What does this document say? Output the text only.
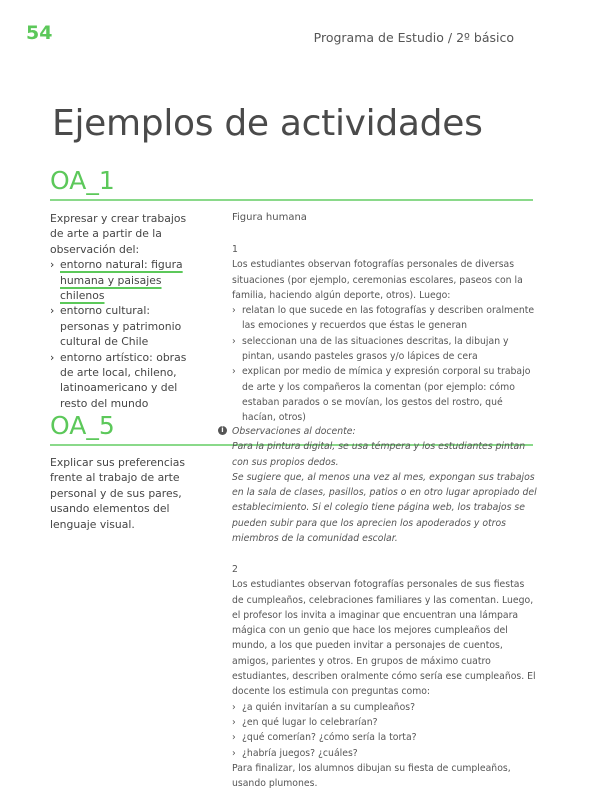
54	Programa de Estudio / 2º básico
Ejemplos de actividades
OA_1
Expresar y crear trabajos de arte a partir de la observación del:
› entorno natural: figura humana y paisajes chilenos
› entorno cultural: personas y patrimonio cultural de Chile
› entorno artístico: obras de arte local, chileno, latinoamericano y del resto del mundo
OA_5
Explicar sus preferencias frente al trabajo de arte personal y de sus pares, usando elementos del lenguaje visual.
Figura humana

1

Los estudiantes observan fotografías personales de diversas situaciones (por ejemplo, ceremonias escolares, paseos con la familia, haciendo algún deporte, otros). Luego:

› relatan lo que sucede en las fotografías y describen oralmente las emociones y recuerdos que éstas le generan
› seleccionan una de las situaciones descritas, la dibujan y pintan, usando pasteles grasos y/o lápices de cera
› explican por medio de mímica y expresión corporal su trabajo de arte y los compañeros la comentan (por ejemplo: cómo estaban parados o se movían, los gestos del rostro, qué hacían, otros)
i Observaciones al docente:

Para la pintura digital, se usa témpera y los estudiantes pintan con sus propios dedos.

Se sugiere que, al menos una vez al mes, expongan sus trabajos en la sala de clases, pasillos, patios o en otro lugar apropiado del establecimiento. Si el colegio tiene página web, los trabajos se pueden subir para que los aprecien los apoderados y otros miembros de la comunidad escolar.

2

Los estudiantes observan fotografías personales de sus fiestas de cumpleaños, celebraciones familiares y las comentan. Luego, el profesor los invita a imaginar que encuentran una lámpara mágica con un genio que hace los mejores cumpleaños del mundo, a los que pueden invitar a personajes de cuentos, amigos, parientes y otros. En grupos de máximo cuatro estudiantes, describen oralmente cómo sería ese cumpleaños. El docente los estimula con preguntas como:

› ¿a quién invitarían a su cumpleaños?
› ¿en qué lugar lo celebrarían?
› ¿qué comerían? ¿cómo sería la torta?
› ¿habría juegos? ¿cuáles?

Para finalizar, los alumnos dibujan su fiesta de cumpleaños, usando plumones.
